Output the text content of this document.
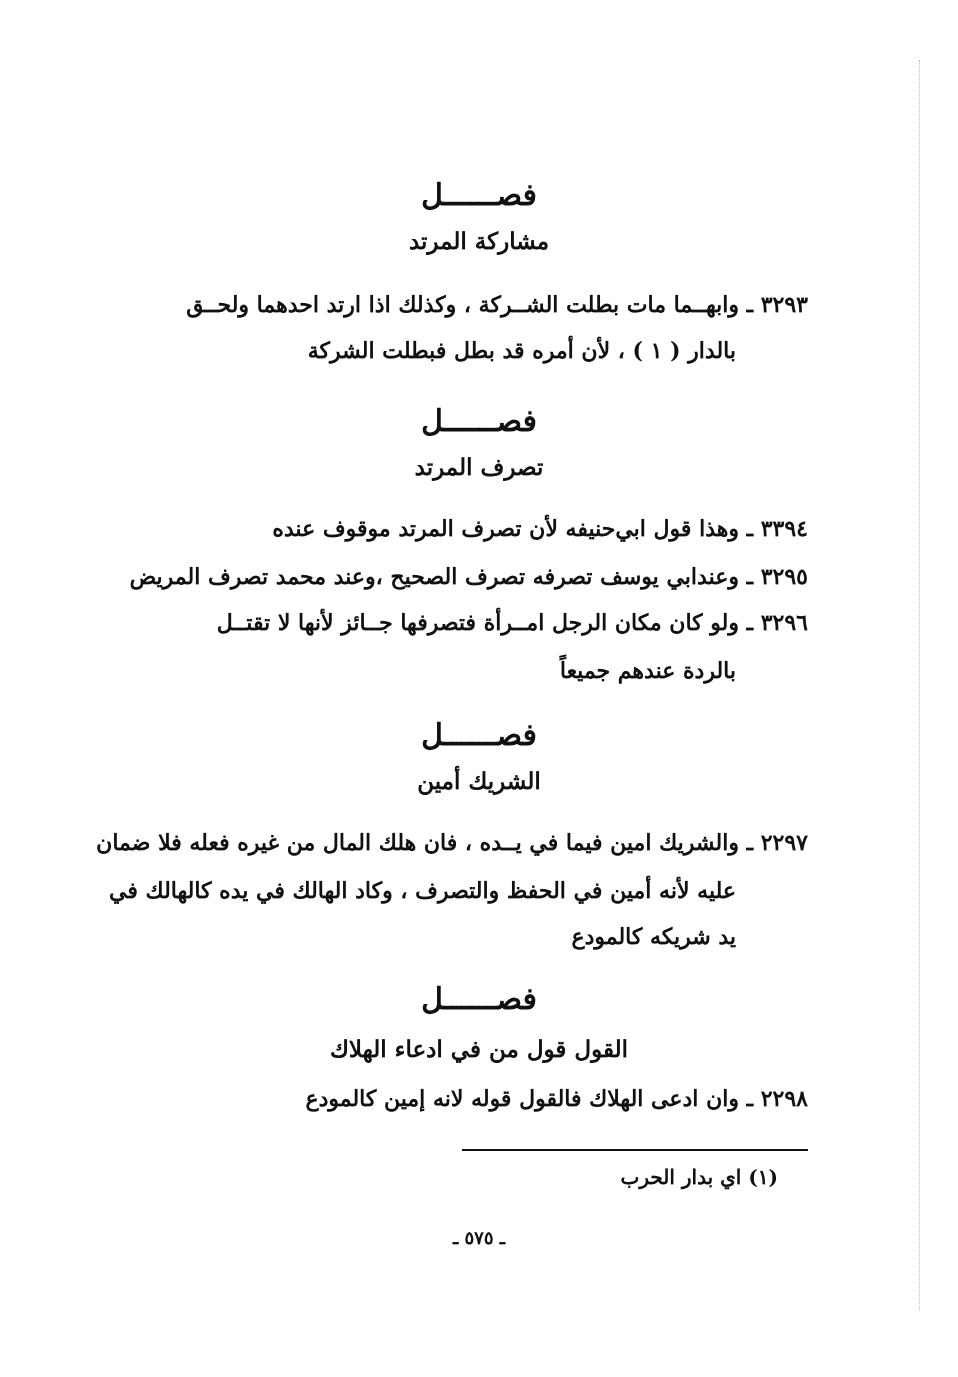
فصــــــل
مشاركة المرتد
٣٢٩٣ ـ وابهــما مات بطلت الشــركة ، وكذلك اذا ارتد احدهما ولحــق
بالدار ( ١ ) ، لأن أمره قد بطل فبطلت الشركة
فصــــــل
تصرف المرتد
٣٣٩٤ ـ وهذا قول ابي‌حنيفه لأن تصرف المرتد موقوف عنده
٣٢٩٥ ـ وعندابي يوسف تصرفه تصرف الصحيح ،وعند محمد تصرف المريض
٣٢٩٦ ـ ولو كان مكان الرجل امــرأة فتصرفها جــائز لأنها لا تقتــل
بالردة عندهم جميعاً
فصــــــل
الشريك أمين
٢٢٩٧ ـ والشريك امين فيما في يــده ، فان هلك المال من غيره فعله فلا ضمان
عليه لأنه أمين في الحفظ والتصرف ، وكاد الهالك في يده كالهالك في
يد شريكه كالمودع
فصــــــل
القول قول من في ادعاء الهلاك
٢٢٩٨ ـ وان ادعى الهلاك فالقول قوله لانه إمين كالمودع
(١) اي بدار الحرب
ـ ٥٧٥ ـ
